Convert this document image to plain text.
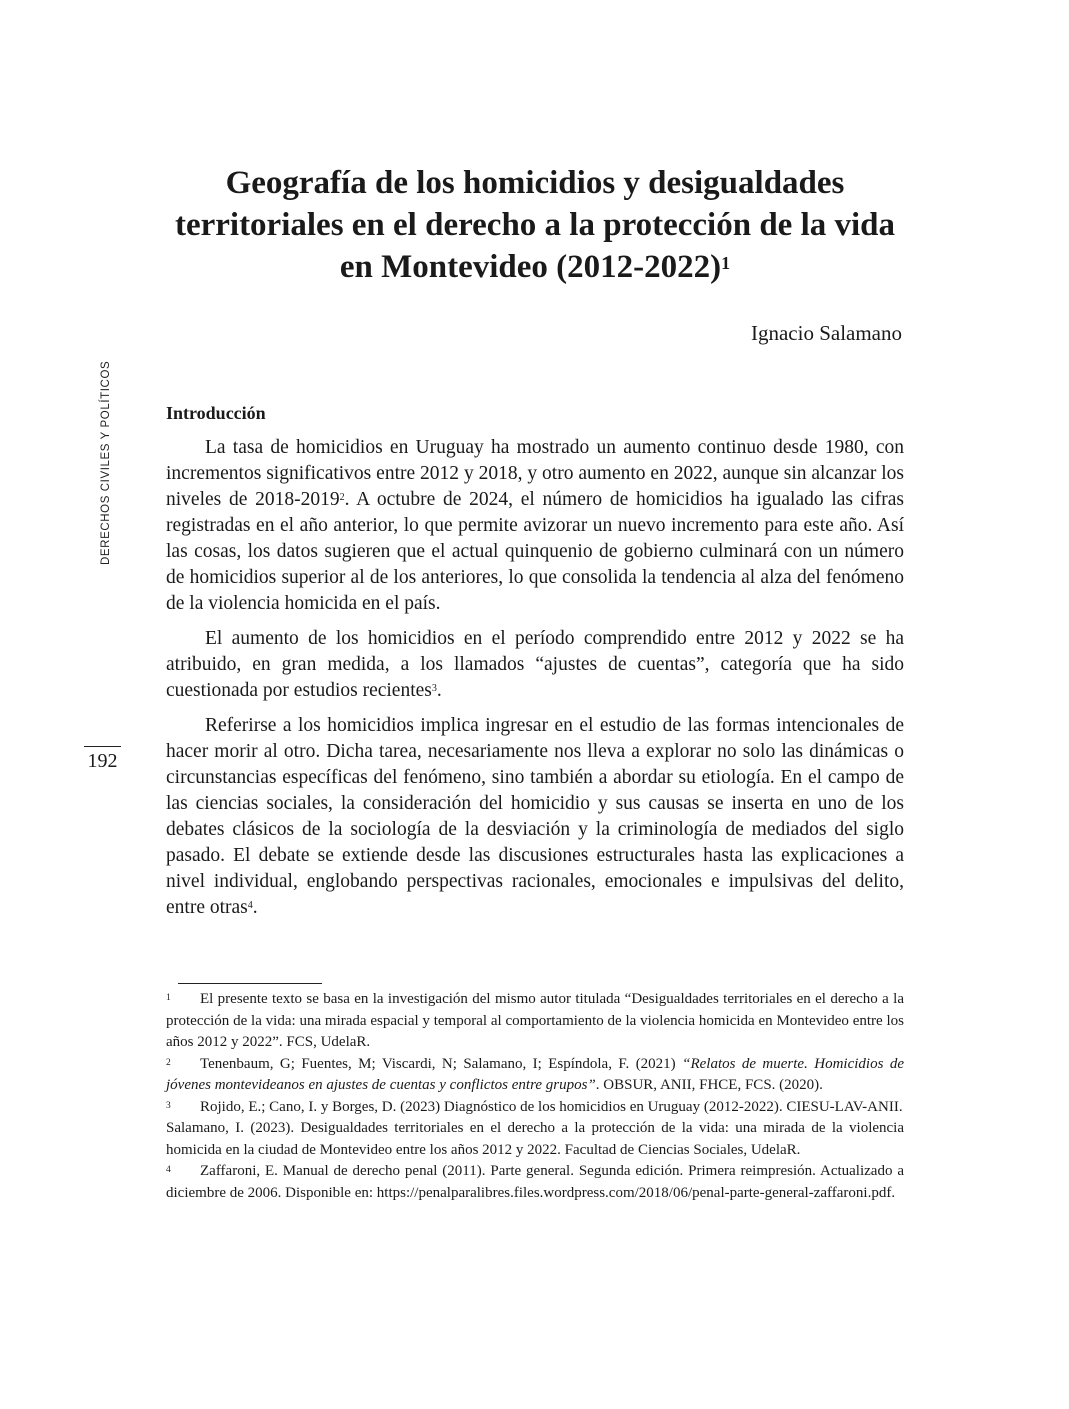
Geografía de los homicidios y desigualdades
territoriales en el derecho a la protección de la vida
en Montevideo (2012-2022)$^1$
Ignacio Salamano
DERECHOS CIVILES Y POLÍTICOS
192
Introducción

La tasa de homicidios en Uruguay ha mostrado un aumento continuo desde 1980, con incrementos significativos entre 2012 y 2018, y otro aumento en 2022, aunque sin alcanzar los niveles de 2018-2019$^2$. A octubre de 2024, el número de homicidios ha igualado las cifras registradas en el año anterior, lo que permite avizorar un nuevo incremento para este año. Así las cosas, los datos sugieren que el actual quinquenio de gobierno culminará con un número de homicidios superior al de los anteriores, lo que consolida la tendencia al alza del fenómeno de la violencia homicida en el país.

El aumento de los homicidios en el período comprendido entre 2012 y 2022 se ha atribuido, en gran medida, a los llamados “ajustes de cuentas”, categoría que ha sido cuestionada por estudios recientes$^3$.

Referirse a los homicidios implica ingresar en el estudio de las formas intencionales de hacer morir al otro. Dicha tarea, necesariamente nos lleva a explorar no solo las dinámicas o circunstancias específicas del fenómeno, sino también a abordar su etiología. En el campo de las ciencias sociales, la consideración del homicidio y sus causas se inserta en uno de los debates clásicos de la sociología de la desviación y la criminología de mediados del siglo pasado. El debate se extiende desde las discusiones estructurales hasta las explicaciones a nivel individual, englobando perspectivas racionales, emocionales e impulsivas del delito, entre otras$^4$.

1 El presente texto se basa en la investigación del mismo autor titulada “Desigualdades territoriales en el derecho a la protección de la vida: una mirada espacial y temporal al comportamiento de la violencia homicida en Montevideo entre los años 2012 y 2022”. FCS, UdelaR.

2 Tenenbaum, G; Fuentes, M; Viscardi, N; Salamano, I; Espíndola, F. (2021) “Relatos de muerte. Homicidios de jóvenes montevideanos en ajustes de cuentas y conflictos entre grupos”. OBSUR, ANII, FHCE, FCS. (2020).

3 Rojido, E.; Cano, I. y Borges, D. (2023) Diagnóstico de los homicidios en Uruguay (2012-2022). CIESU-LAV-ANII.

Salamano, I. (2023). Desigualdades territoriales en el derecho a la protección de la vida: una mirada de la violencia homicida en la ciudad de Montevideo entre los años 2012 y 2022. Facultad de Ciencias Sociales, UdelaR.

4 Zaffaroni, E. Manual de derecho penal (2011). Parte general. Segunda edición. Primera reimpresión. Actualizado a diciembre de 2006. Disponible en: https://penalparalibres.files.wordpress.com/2018/06/penal-parte-general-zaffaroni.pdf.
